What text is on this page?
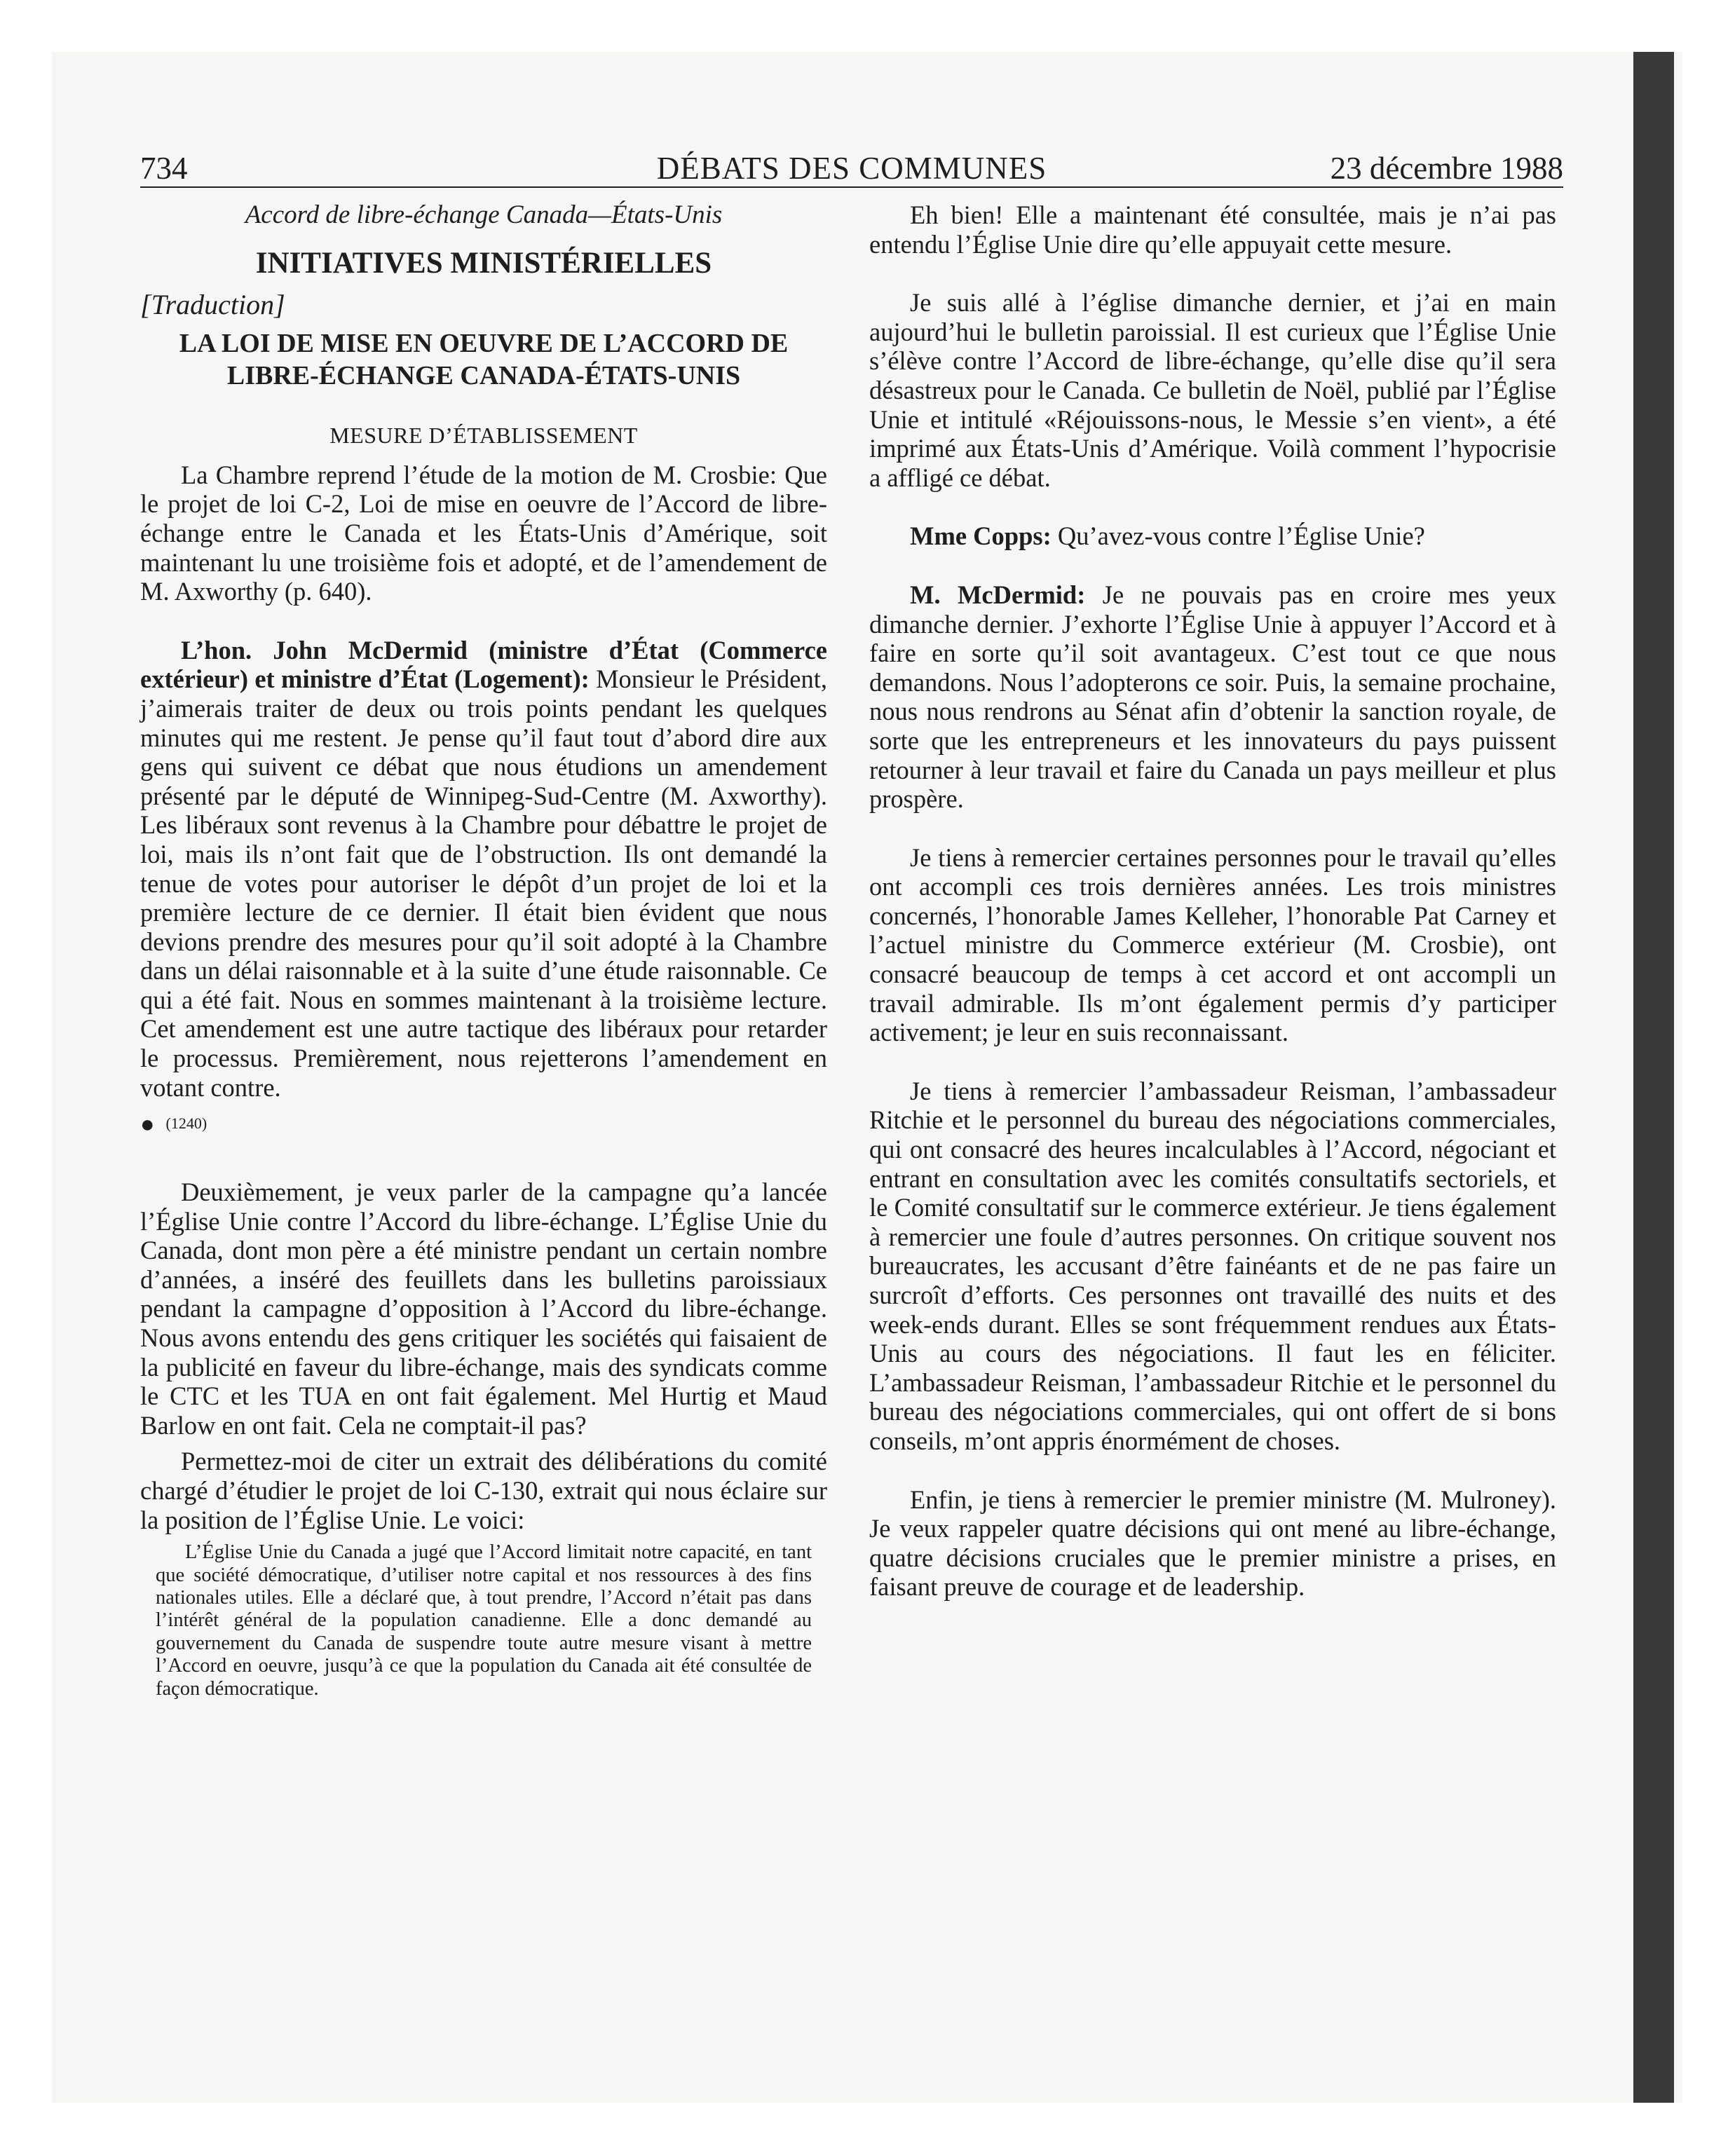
734	DÉBATS DES COMMUNES	23 décembre 1988
Accord de libre-échange Canada—États-Unis
INITIATIVES MINISTÉRIELLES
[Traduction]
LA LOI DE MISE EN OEUVRE DE L’ACCORD DE LIBRE-ÉCHANGE CANADA-ÉTATS-UNIS
MESURE D’ÉTABLISSEMENT

La Chambre reprend l’étude de la motion de M. Crosbie: Que le projet de loi C-2, Loi de mise en oeuvre de l’Accord de libre-échange entre le Canada et les États-Unis d’Amérique, soit maintenant lu une troisième fois et adopté, et de l’amendement de M. Axworthy (p. 640).

L’hon. John McDermid (ministre d’État (Commerce extérieur) et ministre d’État (Logement): Monsieur le Président, j’aimerais traiter de deux ou trois points pendant les quelques minutes qui me restent. Je pense qu’il faut tout d’abord dire aux gens qui suivent ce débat que nous étudions un amendement présenté par le député de Winnipeg-Sud-Centre (M. Axworthy). Les libéraux sont revenus à la Chambre pour débattre le projet de loi, mais ils n’ont fait que de l’obstruction. Ils ont demandé la tenue de votes pour autoriser le dépôt d’un projet de loi et la première lecture de ce dernier. Il était bien évident que nous devions prendre des mesures pour qu’il soit adopté à la Chambre dans un délai raisonnable et à la suite d’une étude raisonnable. Ce qui a été fait. Nous en sommes maintenant à la troisième lecture. Cet amendement est une autre tactique des libéraux pour retarder le processus. Premièrement, nous rejetterons l’amendement en votant contre.

● (1240)

Deuxièmement, je veux parler de la campagne qu’a lancée l’Église Unie contre l’Accord du libre-échange. L’Église Unie du Canada, dont mon père a été ministre pendant un certain nombre d’années, a inséré des feuillets dans les bulletins paroissiaux pendant la campagne d’opposition à l’Accord du libre-échange. Nous avons entendu des gens critiquer les sociétés qui faisaient de la publicité en faveur du libre-échange, mais des syndicats comme le CTC et les TUA en ont fait également. Mel Hurtig et Maud Barlow en ont fait. Cela ne comptait-il pas?

Permettez-moi de citer un extrait des délibérations du comité chargé d’étudier le projet de loi C-130, extrait qui nous éclaire sur la position de l’Église Unie. Le voici:

L’Église Unie du Canada a jugé que l’Accord limitait notre capacité, en tant que société démocratique, d’utiliser notre capital et nos ressources à des fins nationales utiles. Elle a déclaré que, à tout prendre, l’Accord n’était pas dans l’intérêt général de la population canadienne. Elle a donc demandé au gouvernement du Canada de suspendre toute autre mesure visant à mettre l’Accord en oeuvre, jusqu’à ce que la population du Canada ait été consultée de façon démocratique.

Eh bien! Elle a maintenant été consultée, mais je n’ai pas entendu l’Église Unie dire qu’elle appuyait cette mesure.

Je suis allé à l’église dimanche dernier, et j’ai en main aujourd’hui le bulletin paroissial. Il est curieux que l’Église Unie s’élève contre l’Accord de libre-échange, qu’elle dise qu’il sera désastreux pour le Canada. Ce bulletin de Noël, publié par l’Église Unie et intitulé «Réjouissons-nous, le Messie s’en vient», a été imprimé aux États-Unis d’Amérique. Voilà comment l’hypocrisie a affligé ce débat.

Mme Copps: Qu’avez-vous contre l’Église Unie?

M. McDermid: Je ne pouvais pas en croire mes yeux dimanche dernier. J’exhorte l’Église Unie à appuyer l’Accord et à faire en sorte qu’il soit avantageux. C’est tout ce que nous demandons. Nous l’adopterons ce soir. Puis, la semaine prochaine, nous nous rendrons au Sénat afin d’obtenir la sanction royale, de sorte que les entrepreneurs et les innovateurs du pays puissent retourner à leur travail et faire du Canada un pays meilleur et plus prospère.

Je tiens à remercier certaines personnes pour le travail qu’elles ont accompli ces trois dernières années. Les trois ministres concernés, l’honorable James Kelleher, l’honorable Pat Carney et l’actuel ministre du Commerce extérieur (M. Crosbie), ont consacré beaucoup de temps à cet accord et ont accompli un travail admirable. Ils m’ont également permis d’y participer activement; je leur en suis reconnaissant.

Je tiens à remercier l’ambassadeur Reisman, l’ambassadeur Ritchie et le personnel du bureau des négociations commerciales, qui ont consacré des heures incalculables à l’Accord, négociant et entrant en consultation avec les comités consultatifs sectoriels, et le Comité consultatif sur le commerce extérieur. Je tiens également à remercier une foule d’autres personnes. On critique souvent nos bureaucrates, les accusant d’être fainéants et de ne pas faire un surcroît d’efforts. Ces personnes ont travaillé des nuits et des week-ends durant. Elles se sont fréquemment rendues aux États-Unis au cours des négociations. Il faut les en féliciter. L’ambassadeur Reisman, l’ambassadeur Ritchie et le personnel du bureau des négociations commerciales, qui ont offert de si bons conseils, m’ont appris énormément de choses.

Enfin, je tiens à remercier le premier ministre (M. Mulroney). Je veux rappeler quatre décisions qui ont mené au libre-échange, quatre décisions cruciales que le premier ministre a prises, en faisant preuve de courage et de leadership.
